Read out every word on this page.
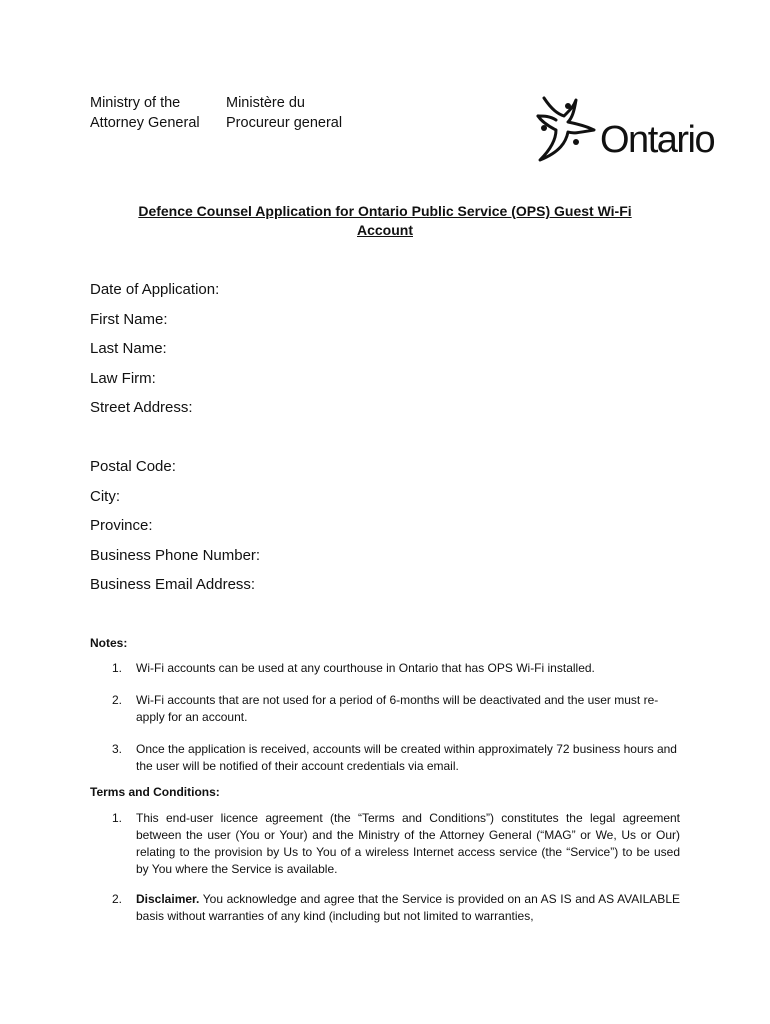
Ministry of the
Attorney General
Ministère du
Procureur general	Ontario
Defence Counsel Application for Ontario Public Service (OPS) Guest Wi-Fi
Account
Date of Application:
First Name:
Last Name:
Law Firm:
Street Address:
Postal Code:
City:
Province:
Business Phone Number:
Business Email Address:
Notes:
1. Wi-Fi accounts can be used at any courthouse in Ontario that has OPS Wi-Fi installed.
2. Wi-Fi accounts that are not used for a period of 6-months will be deactivated and the user must re-apply for an account.
3. Once the application is received, accounts will be created within approximately 72 business hours and the user will be notified of their account credentials via email.
Terms and Conditions:
1. This end-user licence agreement (the “Terms and Conditions”) constitutes the legal agreement between the user (You or Your) and the Ministry of the Attorney General (“MAG” or We, Us or Our) relating to the provision by Us to You of a wireless Internet access service (the “Service”) to be used by You where the Service is available.
2. Disclaimer. You acknowledge and agree that the Service is provided on an AS IS and AS AVAILABLE basis without warranties of any kind (including but not limited to warranties,
